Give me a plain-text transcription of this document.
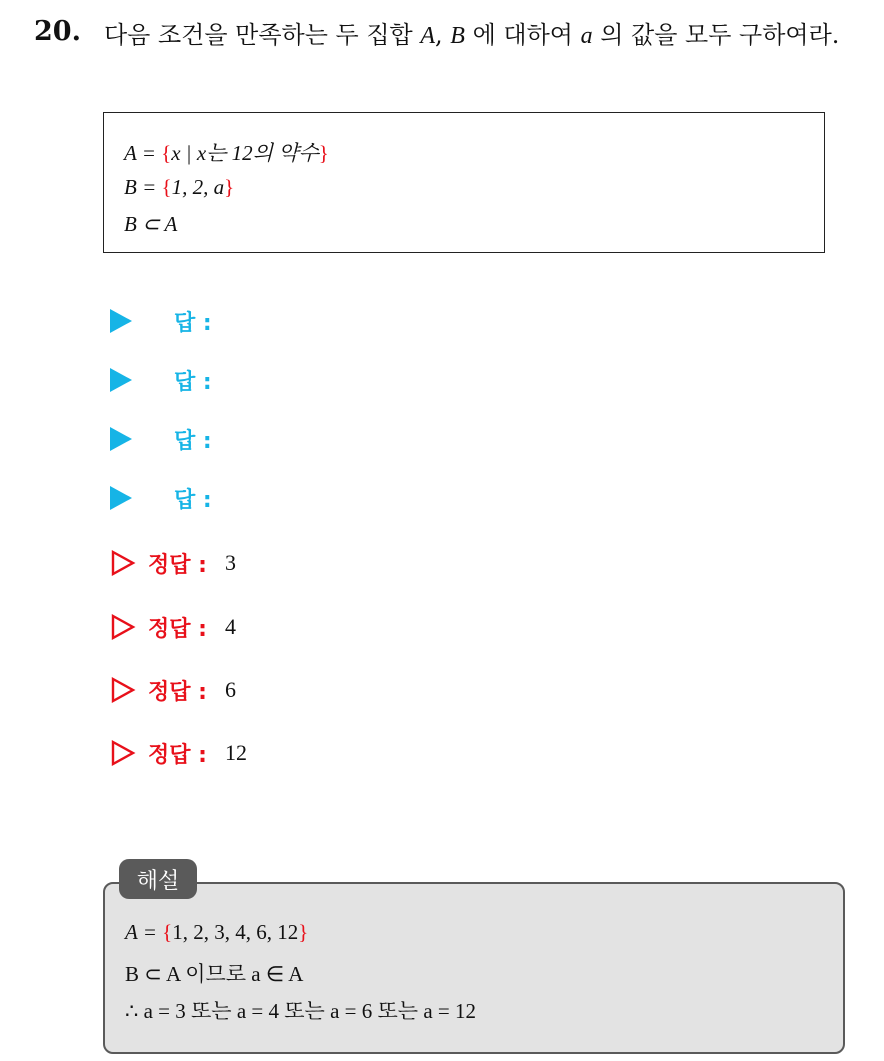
20. 다음 조건을 만족하는 두 집합 A, B 에 대하여 a 의 값을 모두 구하여라.
A = {x | x는 12의 약수}
B = {1, 2, a}
B ⊂ A
답 :
답 :
답 :
답 :
정답 : 3
정답 : 4
정답 : 6
정답 : 12
A = {1, 2, 3, 4, 6, 12}
B ⊂ A 이므로 a ∈ A
∴ a = 3 또는 a = 4 또는 a = 6 또는 a = 12
해설
